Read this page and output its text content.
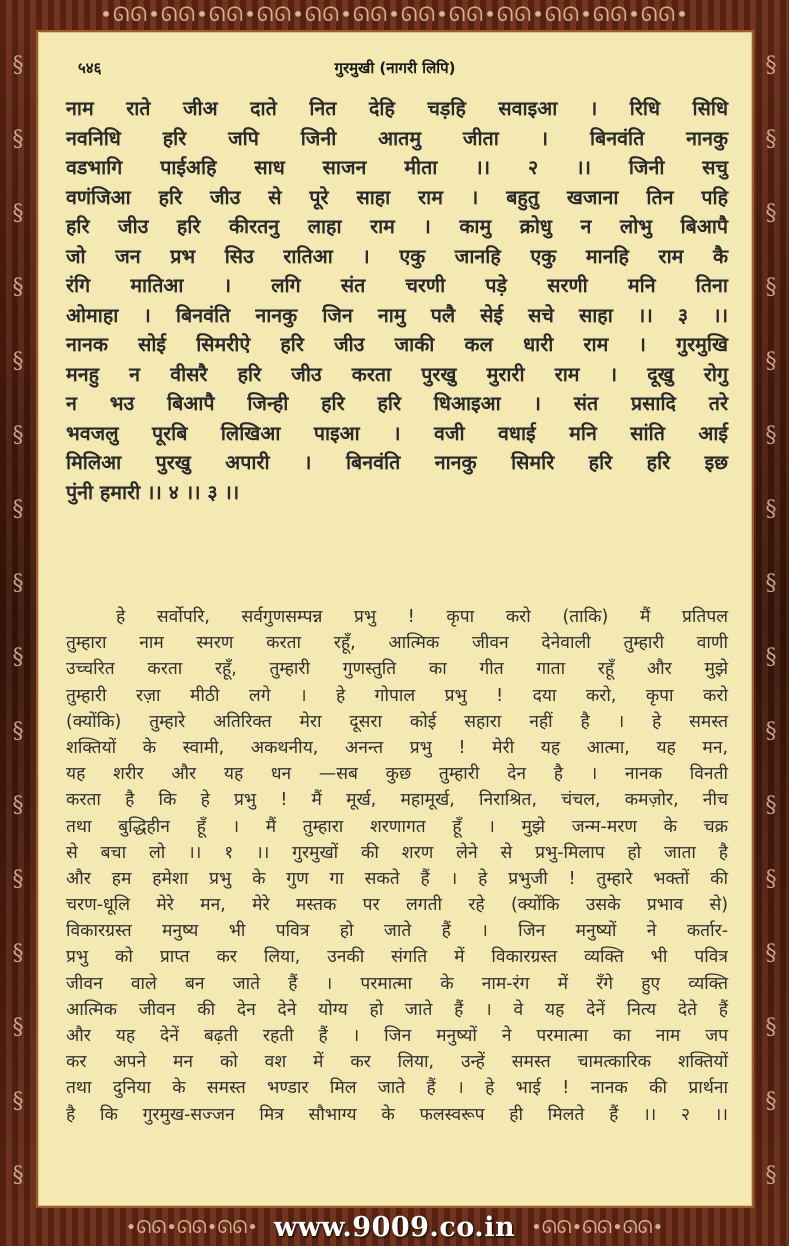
•ᘏᘏ•ᘏᘏ•ᘏᘏ•ᘏᘏ•ᘏᘏ•ᘏᘏ•ᘏᘏ•ᘏᘏ•ᘏᘏ•ᘏᘏ•ᘏᘏ•ᘏᘏ•
§
§
§
§
§
§
§
§
§
§
§
§
§
§
§
§
§
§
§
§
§
§
§
§
§
§
§
§
§
§
§
§
५४६	गुरमुखी (नागरी लिपि)
नाम राते जीअ दाते नित देहि चड़हि सवाइआ । रिधि सिधि
नवनिधि हरि जपि जिनी आतमु जीता । बिनवंति नानकु
वडभागि पाईअहि साध साजन मीता ।। २ ।। जिनी सचु
वणंजिआ हरि जीउ से पूरे साहा राम । बहुतु खजाना तिन पहि
हरि जीउ हरि कीरतनु लाहा राम । कामु क्रोधु न लोभु बिआपै
जो जन प्रभ सिउ रातिआ । एकु जानहि एकु मानहि राम कै
रंगि मातिआ । लगि संत चरणी पड़े सरणी मनि तिना
ओमाहा । बिनवंति नानकु जिन नामु पलै सेई सचे साहा ।। ३ ।।
नानक सोई सिमरीऐ हरि जीउ जाकी कल धारी राम । गुरमुखि
मनहु न वीसरै हरि जीउ करता पुरखु मुरारी राम । दूखु रोगु
न भउ बिआपै जिन्ही हरि हरि धिआइआ । संत प्रसादि तरे
भवजलु पूरबि लिखिआ पाइआ । वजी वधाई मनि सांति आई
मिलिआ पुरखु अपारी । बिनवंति नानकु सिमरि हरि हरि इछ
पुंनी हमारी ।। ४ ।। ३ ।।
हे सर्वोपरि, सर्वगुणसम्पन्न प्रभु ! कृपा करो (ताकि) मैं प्रतिपल
तुम्हारा नाम स्मरण करता रहूँ, आत्मिक जीवन देनेवाली तुम्हारी वाणी
उच्चरित करता रहूँ, तुम्हारी गुणस्तुति का गीत गाता रहूँ और मुझे
तुम्हारी रज़ा मीठी लगे । हे गोपाल प्रभु ! दया करो, कृपा करो
(क्योंकि) तुम्हारे अतिरिक्त मेरा दूसरा कोई सहारा नहीं है । हे समस्त
शक्तियों के स्वामी, अकथनीय, अनन्त प्रभु ! मेरी यह आत्मा, यह मन,
यह शरीर और यह धन —सब कुछ तुम्हारी देन है । नानक विनती
करता है कि हे प्रभु ! मैं मूर्ख, महामूर्ख, निराश्रित, चंचल, कमज़ोर, नीच
तथा बुद्धिहीन हूँ । मैं तुम्हारा शरणागत हूँ । मुझे जन्म-मरण के चक्र
से बचा लो ।। १ ।। गुरमुखों की शरण लेने से प्रभु-मिलाप हो जाता है
और हम हमेशा प्रभु के गुण गा सकते हैं । हे प्रभुजी ! तुम्हारे भक्तों की
चरण-धूलि मेरे मन, मेरे मस्तक पर लगती रहे (क्योंकि उसके प्रभाव से)
विकारग्रस्त मनुष्य भी पवित्र हो जाते हैं । जिन मनुष्यों ने कर्तार-
प्रभु को प्राप्त कर लिया, उनकी संगति में विकारग्रस्त व्यक्ति भी पवित्र
जीवन वाले बन जाते हैं । परमात्मा के नाम-रंग में रँगे हुए व्यक्ति
आत्मिक जीवन की देन देने योग्य हो जाते हैं । वे यह देनें नित्य देते हैं
और यह देनें बढ़ती रहती हैं । जिन मनुष्यों ने परमात्मा का नाम जप
कर अपने मन को वश में कर लिया, उन्हें समस्त चामत्कारिक शक्तियों
तथा दुनिया के समस्त भण्डार मिल जाते हैं । हे भाई ! नानक की प्रार्थना
है कि गुरमुख-सज्जन मित्र सौभाग्य के फलस्वरूप ही मिलते हैं ।। २ ।।
•ᘏᘏ•ᘏᘏ•ᘏᘏ• www.9009.co.in •ᘏᘏ•ᘏᘏ•ᘏᘏ•
